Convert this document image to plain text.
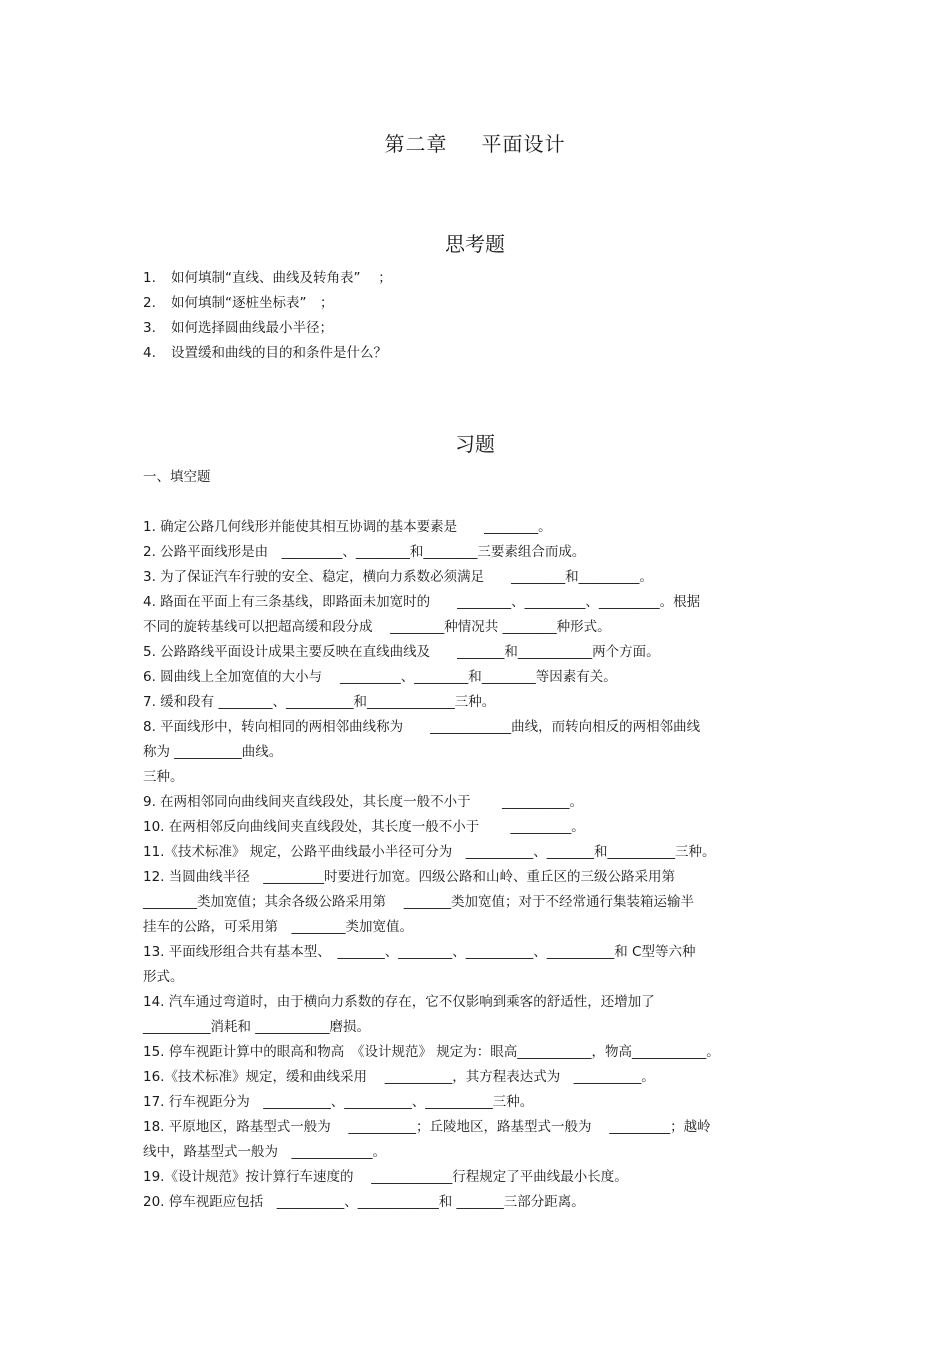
第二章 平面设计
思考题
1. 如何填制“直线、曲线及转角表”　 ；
2. 如何填制“逐桩坐标表”　；
3. 如何选择圆曲线最小半径；
4. 设置缓和曲线的目的和条件是什么？
习题
一、填空题
1. 确定公路几何线形并能使其相互协调的基本要素是　　________。
2. 公路平面线形是由　_________、________和________三要素组合而成。
3. 为了保证汽车行驶的安全、稳定，横向力系数必须满足　　________和_________。
4. 路面在平面上有三条基线，即路面未加宽时的　　________、_________、_________。根据
不同的旋转基线可以把超高缓和段分成　 ________种情况共 ________种形式。
5. 公路路线平面设计成果主要反映在直线曲线及　　_______和___________两个方面。
6. 圆曲线上全加宽值的大小与　 _________、________和________等因素有关。
7. 缓和段有 ________、__________和_____________三种。
8. 平面线形中，转向相同的两相邻曲线称为　　____________曲线，而转向相反的两相邻曲线
称为 __________曲线。
三种。
9. 在两相邻同向曲线间夹直线段处，其长度一般不小于　　 __________。
10. 在两相邻反向曲线间夹直线段处，其长度一般不小于　　 _________。
11.《技术标准》 规定，公路平曲线最小半径可分为　__________、_______和__________三种。
12. 当圆曲线半径　_________时要进行加宽。四级公路和山岭、重丘区的三级公路采用第
________类加宽值；其余各级公路采用第　 _______类加宽值；对于不经常通行集装箱运输半
挂车的公路，可采用第　________类加宽值。
13. 平面线形组合共有基本型、　_______、________、__________、__________和 C型等六种
形式。
14. 汽车通过弯道时，由于横向力系数的存在，它不仅影响到乘客的舒适性，还增加了
__________消耗和 ___________磨损。
15. 停车视距计算中的眼高和物高　《设计规范》 规定为：眼高___________，物高___________。
16.《技术标准》规定，缓和曲线采用　 __________，其方程表达式为　__________。
17. 行车视距分为　__________、__________、__________三种。
18. 平原地区，路基型式一般为　 __________；丘陵地区，路基型式一般为　 _________；越岭
线中，路基型式一般为　____________。
19.《设计规范》按计算行车速度的　 ____________行程规定了平曲线最小长度。
20. 停车视距应包括　__________、____________和 _______三部分距离。
